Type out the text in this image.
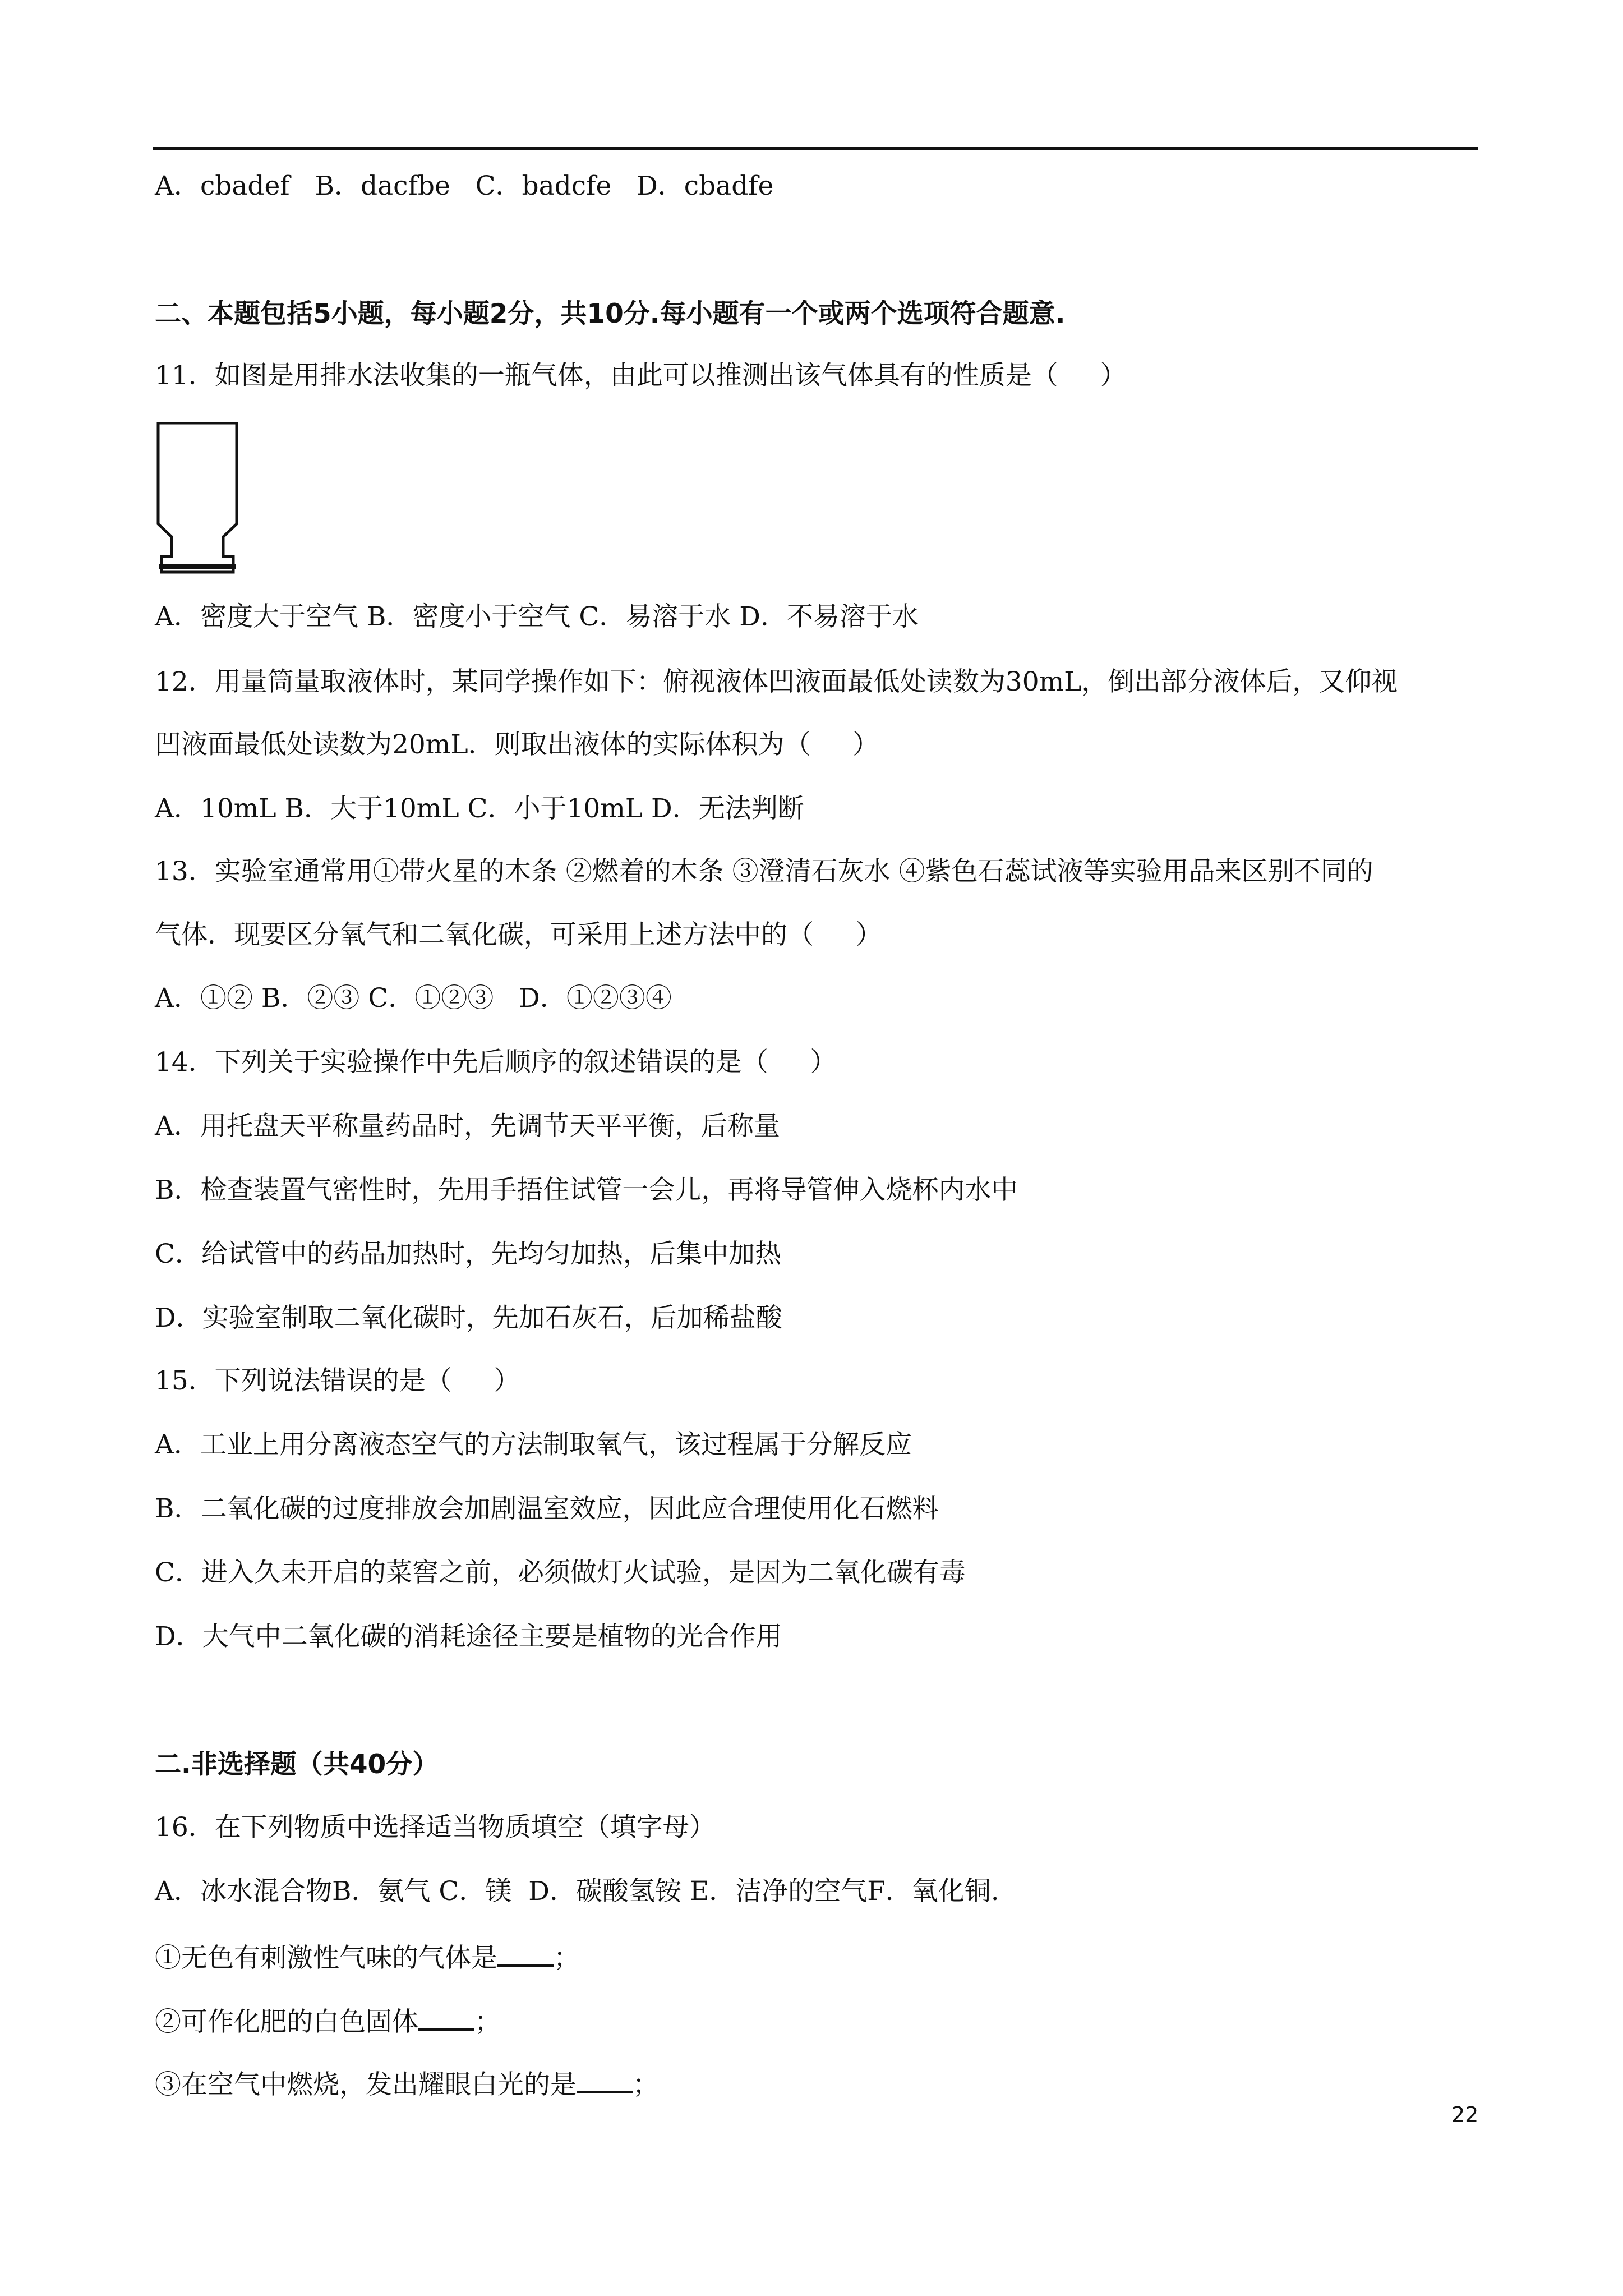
A．cbadef   B．dacfbe   C．badcfe   D．cbadfe
二、本题包括5小题，每小题2分，共10分.每小题有一个或两个选项符合题意.
11．如图是用排水法收集的一瓶气体，由此可以推测出该气体具有的性质是（     ）
A．密度大于空气 B．密度小于空气 C．易溶于水 D．不易溶于水
12．用量筒量取液体时，某同学操作如下：俯视液体凹液面最低处读数为30mL，倒出部分液体后，又仰视
凹液面最低处读数为20mL．则取出液体的实际体积为（     ）
A．10mL B．大于10mL C．小于10mL D．无法判断
13．实验室通常用①带火星的木条 ②燃着的木条 ③澄清石灰水 ④紫色石蕊试液等实验用品来区别不同的
气体．现要区分氧气和二氧化碳，可采用上述方法中的（     ）
A．①② B．②③ C．①②③   D．①②③④
14．下列关于实验操作中先后顺序的叙述错误的是（     ）
A．用托盘天平称量药品时，先调节天平平衡，后称量
B．检查装置气密性时，先用手捂住试管一会儿，再将导管伸入烧杯内水中
C．给试管中的药品加热时，先均匀加热，后集中加热
D．实验室制取二氧化碳时，先加石灰石，后加稀盐酸
15．下列说法错误的是（     ）
A．工业上用分离液态空气的方法制取氧气，该过程属于分解反应
B．二氧化碳的过度排放会加剧温室效应，因此应合理使用化石燃料
C．进入久未开启的菜窖之前，必须做灯火试验，是因为二氧化碳有毒
D．大气中二氧化碳的消耗途径主要是植物的光合作用
二.非选择题（共40分）
16．在下列物质中选择适当物质填空（填字母）
A．冰水混合物B．氨气 C．镁  D．碳酸氢铵 E．洁净的空气F．氧化铜.
①无色有刺激性气味的气体是 ；
②可作化肥的白色固体 ；
③在空气中燃烧，发出耀眼白光的是 ；
22
